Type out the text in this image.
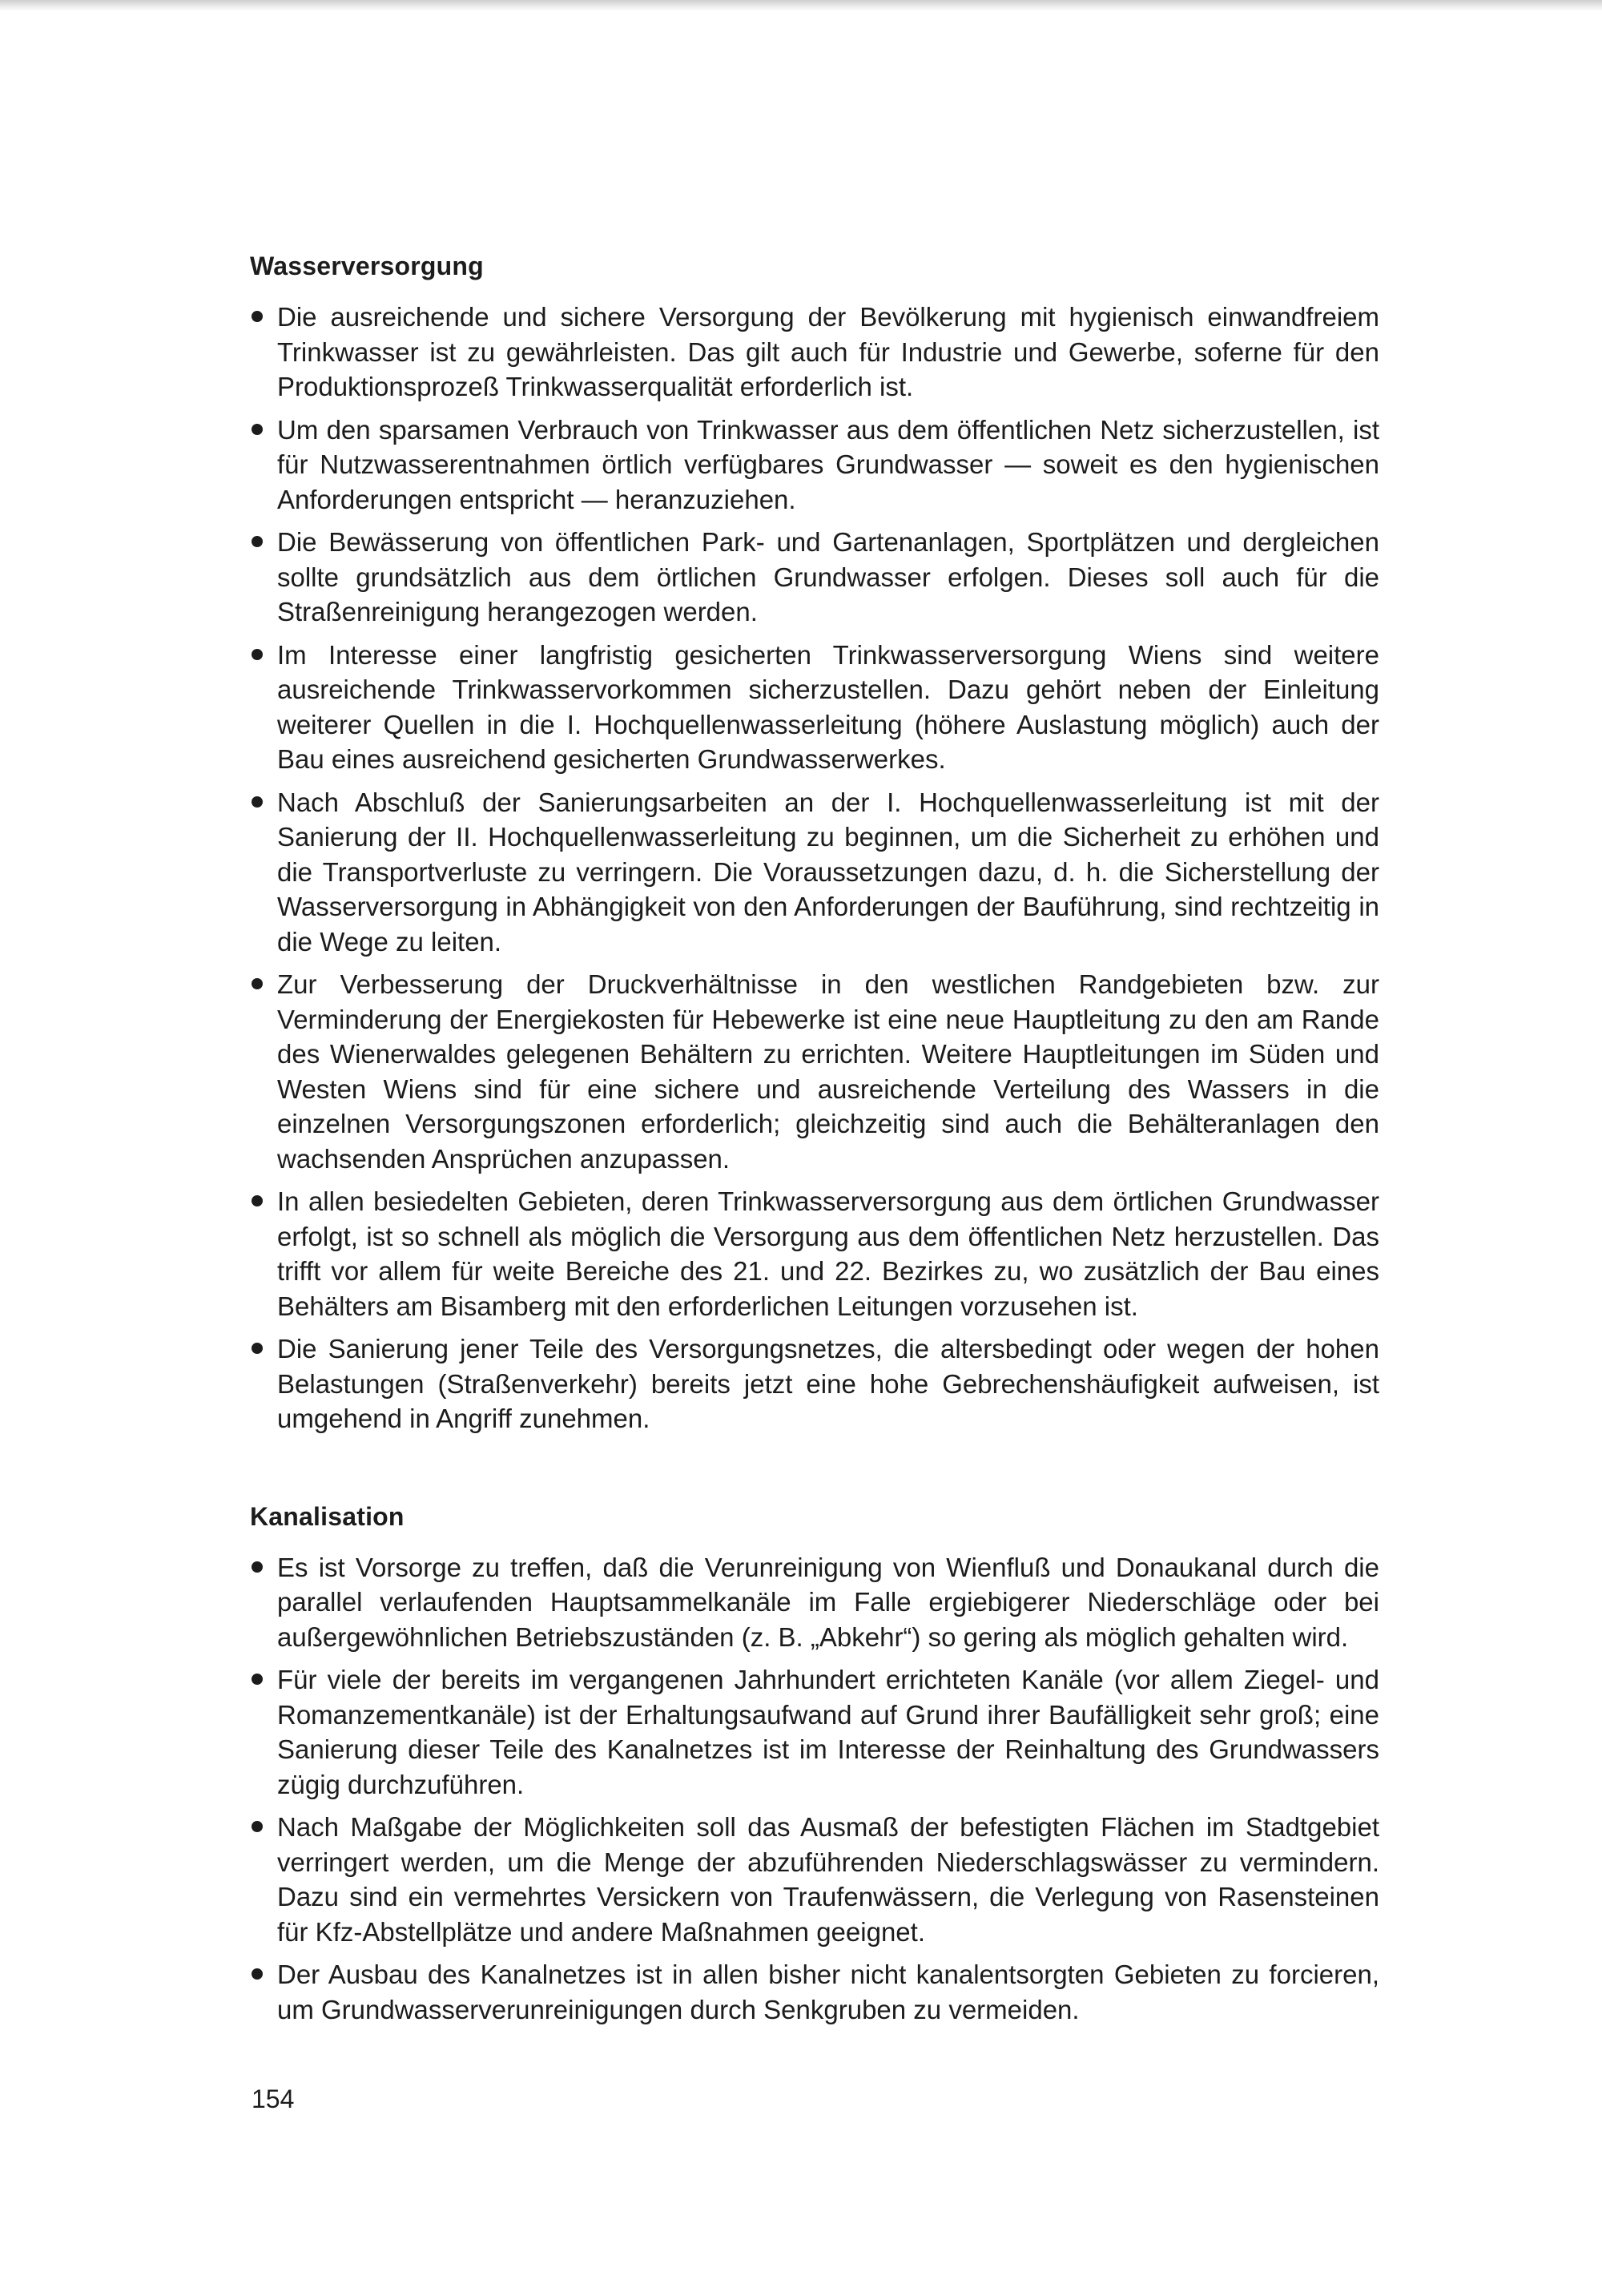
Wasserversorgung
Die ausreichende und sichere Versorgung der Bevölkerung mit hygienisch einwandfreiem Trinkwasser ist zu gewährleisten. Das gilt auch für Industrie und Gewerbe, soferne für den Produktionsprozeß Trinkwasserqualität erforderlich ist.
Um den sparsamen Verbrauch von Trinkwasser aus dem öffentlichen Netz sicherzustellen, ist für Nutzwasserentnahmen örtlich verfügbares Grundwasser — soweit es den hygienischen Anforderungen entspricht — heranzuziehen.
Die Bewässerung von öffentlichen Park- und Gartenanlagen, Sportplätzen und dergleichen sollte grundsätzlich aus dem örtlichen Grundwasser erfolgen. Dieses soll auch für die Straßenreinigung herangezogen werden.
Im Interesse einer langfristig gesicherten Trinkwasserversorgung Wiens sind weitere ausreichende Trinkwasservorkommen sicherzustellen. Dazu gehört neben der Einleitung weiterer Quellen in die I. Hochquellenwasserleitung (höhere Auslastung möglich) auch der Bau eines ausreichend gesicherten Grundwasserwerkes.
Nach Abschluß der Sanierungsarbeiten an der I. Hochquellenwasserleitung ist mit der Sanierung der II. Hochquellenwasserleitung zu beginnen, um die Sicherheit zu erhöhen und die Transportverluste zu verringern. Die Voraussetzungen dazu, d. h. die Sicherstellung der Wasserversorgung in Abhängigkeit von den Anforderungen der Bauführung, sind rechtzeitig in die Wege zu leiten.
Zur Verbesserung der Druckverhältnisse in den westlichen Randgebieten bzw. zur Verminderung der Energiekosten für Hebewerke ist eine neue Hauptleitung zu den am Rande des Wienerwaldes gelegenen Behältern zu errichten. Weitere Hauptleitungen im Süden und Westen Wiens sind für eine sichere und ausreichende Verteilung des Wassers in die einzelnen Versorgungszonen erforderlich; gleichzeitig sind auch die Behälteranlagen den wachsenden Ansprüchen anzupassen.
In allen besiedelten Gebieten, deren Trinkwasserversorgung aus dem örtlichen Grundwasser erfolgt, ist so schnell als möglich die Versorgung aus dem öffentlichen Netz herzustellen. Das trifft vor allem für weite Bereiche des 21. und 22. Bezirkes zu, wo zusätzlich der Bau eines Behälters am Bisamberg mit den erforderlichen Leitungen vorzusehen ist.
Die Sanierung jener Teile des Versorgungsnetzes, die altersbedingt oder wegen der hohen Belastungen (Straßenverkehr) bereits jetzt eine hohe Gebrechenshäufigkeit aufweisen, ist umgehend in Angriff zunehmen.
Kanalisation
Es ist Vorsorge zu treffen, daß die Verunreinigung von Wienfluß und Donaukanal durch die parallel verlaufenden Hauptsammelkanäle im Falle ergiebigerer Niederschläge oder bei außergewöhnlichen Betriebszuständen (z. B. „Abkehr“) so gering als möglich gehalten wird.
Für viele der bereits im vergangenen Jahrhundert errichteten Kanäle (vor allem Ziegel- und Romanzementkanäle) ist der Erhaltungsaufwand auf Grund ihrer Baufälligkeit sehr groß; eine Sanierung dieser Teile des Kanalnetzes ist im Interesse der Reinhaltung des Grundwassers zügig durchzuführen.
Nach Maßgabe der Möglichkeiten soll das Ausmaß der befestigten Flächen im Stadtgebiet verringert werden, um die Menge der abzuführenden Niederschlagswässer zu vermindern. Dazu sind ein vermehrtes Versickern von Traufenwässern, die Verlegung von Rasensteinen für Kfz-Abstellplätze und andere Maßnahmen geeignet.
Der Ausbau des Kanalnetzes ist in allen bisher nicht kanalentsorgten Gebieten zu forcieren, um Grundwasserverunreinigungen durch Senkgruben zu vermeiden.
154
